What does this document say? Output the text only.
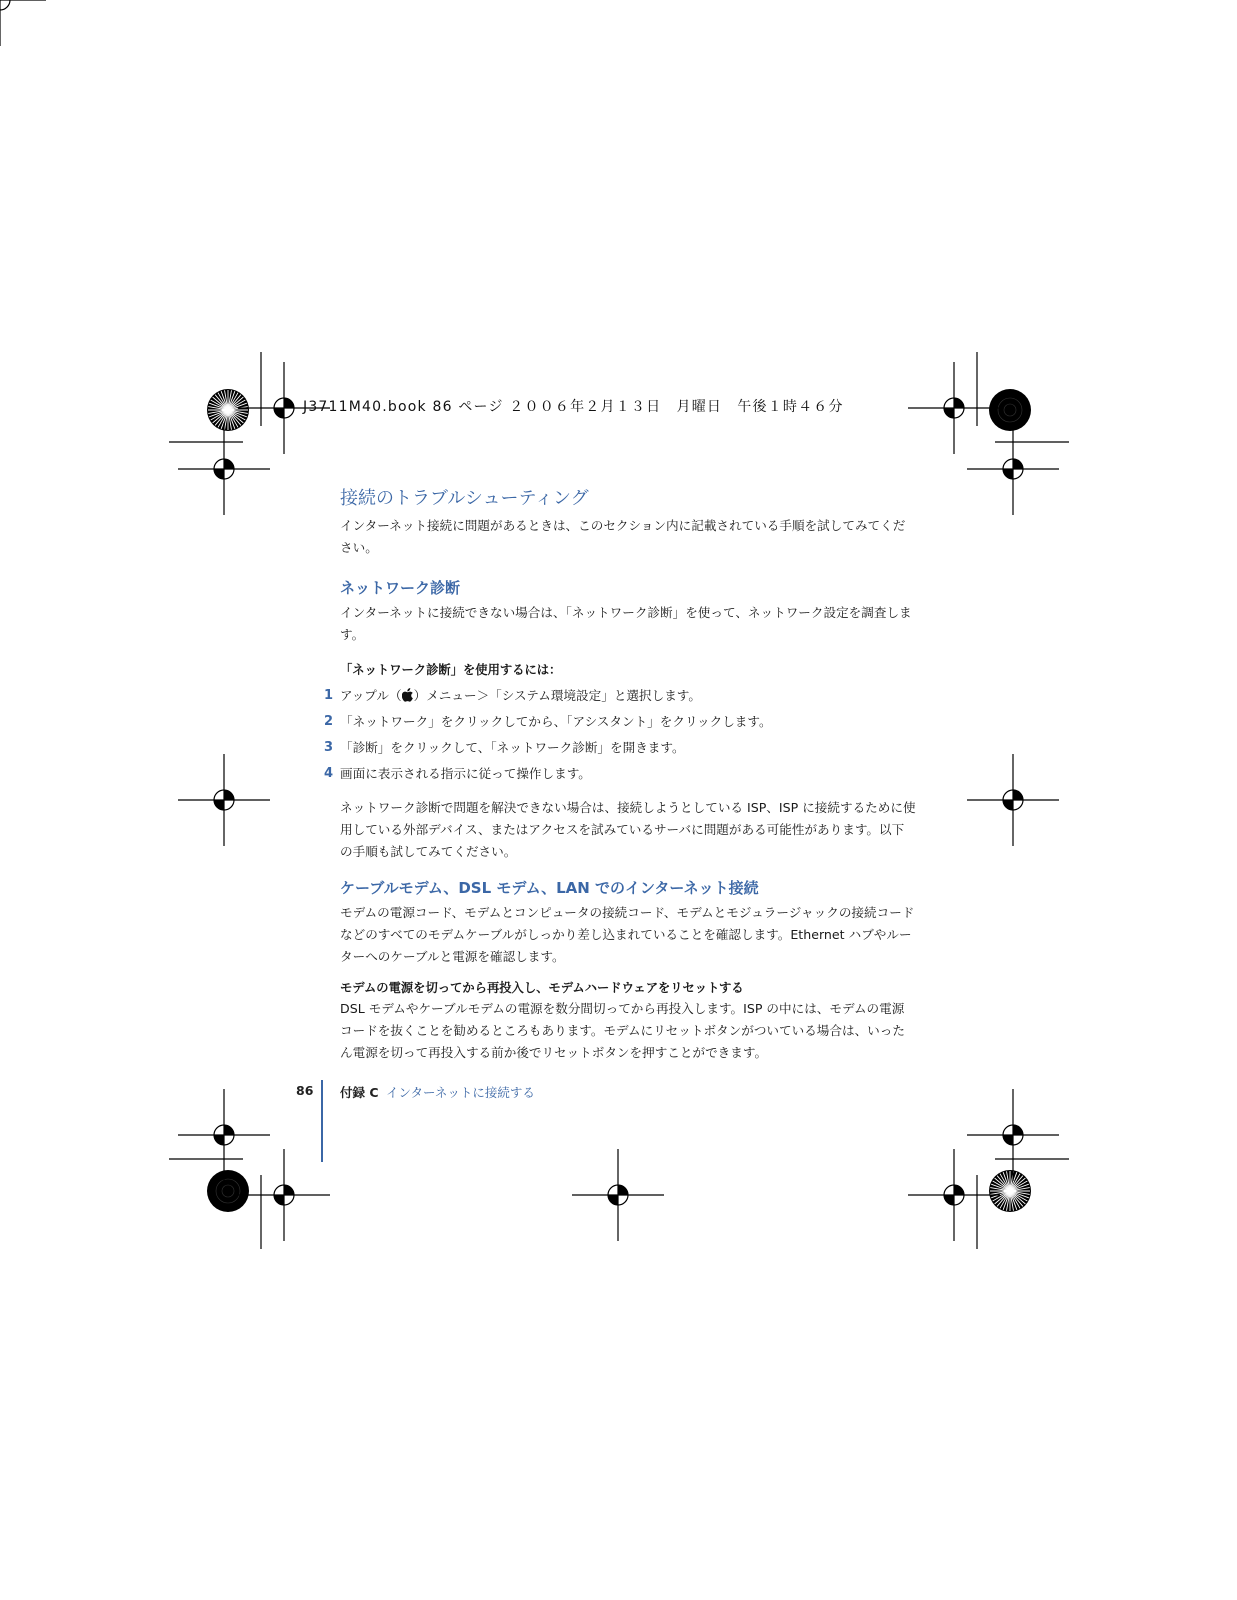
J3711M40.book 86 ページ ２００６年２月１３日　月曜日　午後１時４６分
接続のトラブルシューティング

インターネット接続に問題があるときは、このセクション内に記載されている手順を試してみてください。

ネットワーク診断

インターネットに接続できない場合は、「ネットワーク診断」を使って、ネットワーク設定を調査します。

「ネットワーク診断」を使用するには：
1 アップル（ ）メニュー＞「システム環境設定」と選択します。
2 「ネットワーク」をクリックしてから、「アシスタント」をクリックします。
3 「診断」をクリックして、「ネットワーク診断」を開きます。
4 画面に表示される指示に従って操作します。

ネットワーク診断で問題を解決できない場合は、接続しようとしている ISP、ISP に接続するために使用している外部デバイス、またはアクセスを試みているサーバに問題がある可能性があります。以下の手順も試してみてください。

ケーブルモデム、DSL モデム、LAN でのインターネット接続

モデムの電源コード、モデムとコンピュータの接続コード、モデムとモジュラージャックの接続コードなどのすべてのモデムケーブルがしっかり差し込まれていることを確認します。Ethernet ハブやルーターへのケーブルと電源を確認します。

モデムの電源を切ってから再投入し、モデムハードウェアをリセットする

DSL モデムやケーブルモデムの電源を数分間切ってから再投入します。ISP の中には、モデムの電源コードを抜くことを勧めるところもあります。モデムにリセットボタンがついている場合は、いったん電源を切って再投入する前か後でリセットボタンを押すことができます。

86 付録 C インターネットに接続する
